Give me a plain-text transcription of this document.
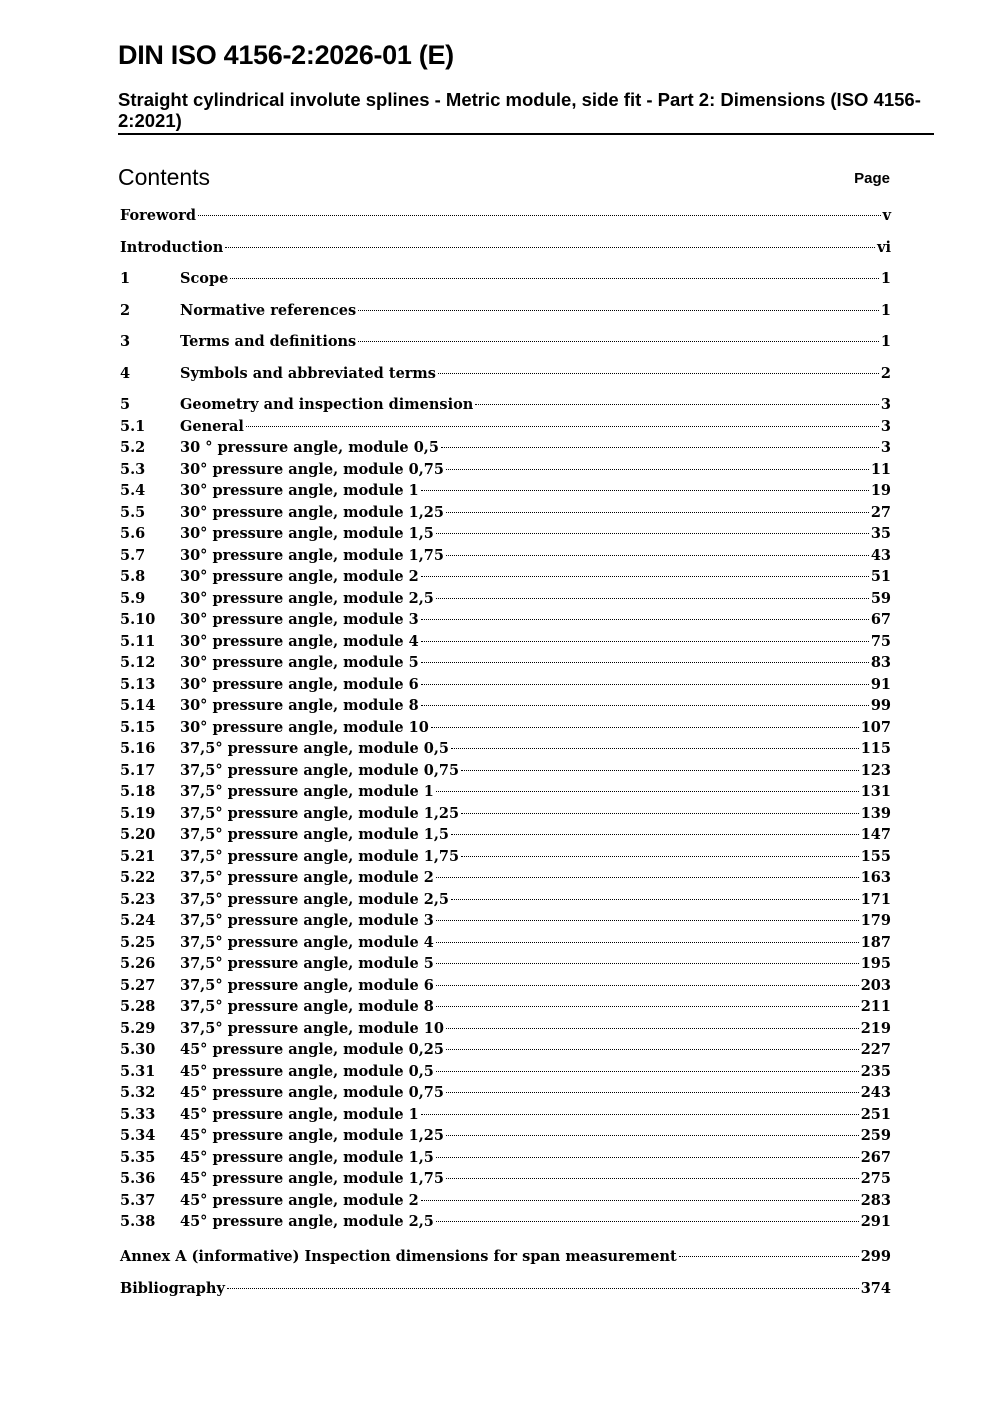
DIN ISO 4156-2:2026-01 (E)
Straight cylindrical involute splines - Metric module, side fit - Part 2: Dimensions (ISO 4156-2:2021)
Contents	Page
Foreword	v
Introduction	vi
1	Scope	1
2	Normative references	1
3	Terms and definitions	1
4	Symbols and abbreviated terms	2
5	Geometry and inspection dimension	3
5.1	General	3
5.2	30 ° pressure angle, module 0,5	3
5.3	30° pressure angle, module 0,75	11
5.4	30° pressure angle, module 1	19
5.5	30° pressure angle, module 1,25	27
5.6	30° pressure angle, module 1,5	35
5.7	30° pressure angle, module 1,75	43
5.8	30° pressure angle, module 2	51
5.9	30° pressure angle, module 2,5	59
5.10	30° pressure angle, module 3	67
5.11	30° pressure angle, module 4	75
5.12	30° pressure angle, module 5	83
5.13	30° pressure angle, module 6	91
5.14	30° pressure angle, module 8	99
5.15	30° pressure angle, module 10	107
5.16	37,5° pressure angle, module 0,5	115
5.17	37,5° pressure angle, module 0,75	123
5.18	37,5° pressure angle, module 1	131
5.19	37,5° pressure angle, module 1,25	139
5.20	37,5° pressure angle, module 1,5	147
5.21	37,5° pressure angle, module 1,75	155
5.22	37,5° pressure angle, module 2	163
5.23	37,5° pressure angle, module 2,5	171
5.24	37,5° pressure angle, module 3	179
5.25	37,5° pressure angle, module 4	187
5.26	37,5° pressure angle, module 5	195
5.27	37,5° pressure angle, module 6	203
5.28	37,5° pressure angle, module 8	211
5.29	37,5° pressure angle, module 10	219
5.30	45° pressure angle, module 0,25	227
5.31	45° pressure angle, module 0,5	235
5.32	45° pressure angle, module 0,75	243
5.33	45° pressure angle, module 1	251
5.34	45° pressure angle, module 1,25	259
5.35	45° pressure angle, module 1,5	267
5.36	45° pressure angle, module 1,75	275
5.37	45° pressure angle, module 2	283
5.38	45° pressure angle, module 2,5	291
Annex A (informative) Inspection dimensions for span measurement	299
Bibliography	374
